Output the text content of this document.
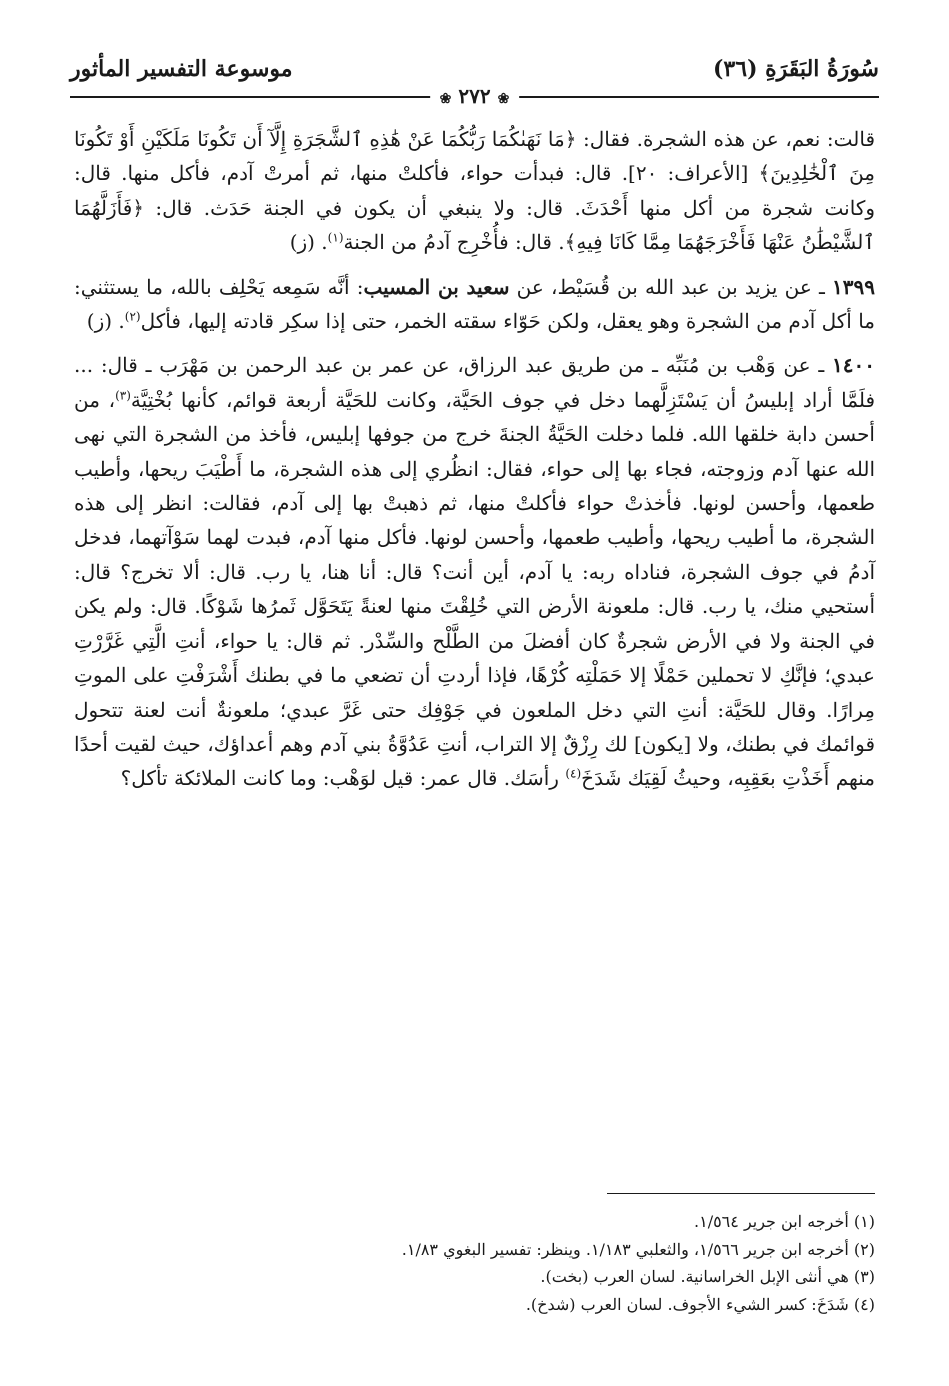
سُورَةُ البَقَرَةِ (٣٦)
موسوعة التفسير المأثور
❀ ٢٧٢ ❀

قالت: نعم، عن هذه الشجرة. فقال: ﴿مَا نَهَىٰكُمَا رَبُّكُمَا عَنْ هَٰذِهِ ٱلشَّجَرَةِ إِلَّآ أَن تَكُونَا مَلَكَيْنِ أَوْ تَكُونَا مِنَ ٱلْخَٰلِدِينَ﴾ [الأعراف: ٢٠]. قال: فبدأت حواء، فأكلتْ منها، ثم أمرتْ آدم، فأكل منها. قال: وكانت شجرة من أكل منها أَحْدَثَ. قال: ولا ينبغي أن يكون في الجنة حَدَث. قال: ﴿فَأَزَلَّهُمَا ٱلشَّيْطَٰنُ عَنْهَا فَأَخْرَجَهُمَا مِمَّا كَانَا فِيهِ﴾. قال: فأُخْرِج آدمُ من الجنة$^{(١)}$. (ز)

١٣٩٩ ـ عن يزيد بن عبد الله بن قُسَيْط، عن سعيد بن المسيب: أنَّه سَمِعه يَحْلِف بالله، ما يستثني: ما أكل آدم من الشجرة وهو يعقل، ولكن حَوّاء سقته الخمر، حتى إذا سكِر قادته إليها، فأكل$^{(٢)}$. (ز)

١٤٠٠ ـ عن وَهْب بن مُنَبِّه ـ من طريق عبد الرزاق، عن عمر بن عبد الرحمن بن مَهْرَب ـ قال: ... فلَمَّا أراد إبليسُ أن يَسْتَزِلَّهما دخل في جوف الحَيَّة، وكانت للحَيَّة أربعة قوائم، كأنها بُخْتِيَّة$^{(٣)}$، من أحسن دابة خلقها الله. فلما دخلت الحَيَّةُ الجنةَ خرج من جوفها إبليس، فأخذ من الشجرة التي نهى الله عنها آدم وزوجته، فجاء بها إلى حواء، فقال: انظُري إلى هذه الشجرة، ما أَطْيَبَ ريحها، وأطيب طعمها، وأحسن لونها. فأخذتْ حواء فأكلتْ منها، ثم ذهبتْ بها إلى آدم، فقالت: انظر إلى هذه الشجرة، ما أطيب ريحها، وأطيب طعمها، وأحسن لونها. فأكل منها آدم، فبدت لهما سَوْآتهما، فدخل آدمُ في جوف الشجرة، فناداه ربه: يا آدم، أين أنت؟ قال: أنا هنا، يا رب. قال: ألا تخرج؟ قال: أستحيي منك، يا رب. قال: ملعونة الأرض التي خُلِقْتَ منها لعنةً يَتَحَوَّل ثَمرُها شَوْكًا. قال: ولم يكن في الجنة ولا في الأرض شجرةٌ كان أفضلَ من الطَّلْح والسِّدْر. ثم قال: يا حواء، أنتِ الَّتِي غَرَّرْتِ عبدي؛ فإنَّكِ لا تحملين حَمْلًا إلا حَمَلْتِه كُرْهًا، فإذا أردتِ أن تضعي ما في بطنك أَشْرَفْتِ على الموتِ مِرارًا. وقال للحَيَّة: أنتِ التي دخل الملعون في جَوْفِك حتى غَرَّ عبدي؛ ملعونةٌ أنت لعنة تتحول قوائمك في بطنك، ولا [يكون] لك رِزْقٌ إلا التراب، أنتِ عَدُوَّةُ بني آدم وهم أعداؤك، حيث لقيت أحدًا منهم أَخَذْتِ بعَقِبِه، وحيثُ لَقِيَك شَدَخَ$^{(٤)}$ رأسَك. قال عمر: قيل لوَهْب: وما كانت الملائكة تأكل؟

(١) أخرجه ابن جرير ١/٥٦٤.

(٢) أخرجه ابن جرير ١/٥٦٦، والثعلبي ١/١٨٣. وينظر: تفسير البغوي ١/٨٣.

(٣) هي أنثى الإبل الخراسانية. لسان العرب (بخت).

(٤) شَدَخَ: كسر الشيء الأجوف. لسان العرب (شدخ).
